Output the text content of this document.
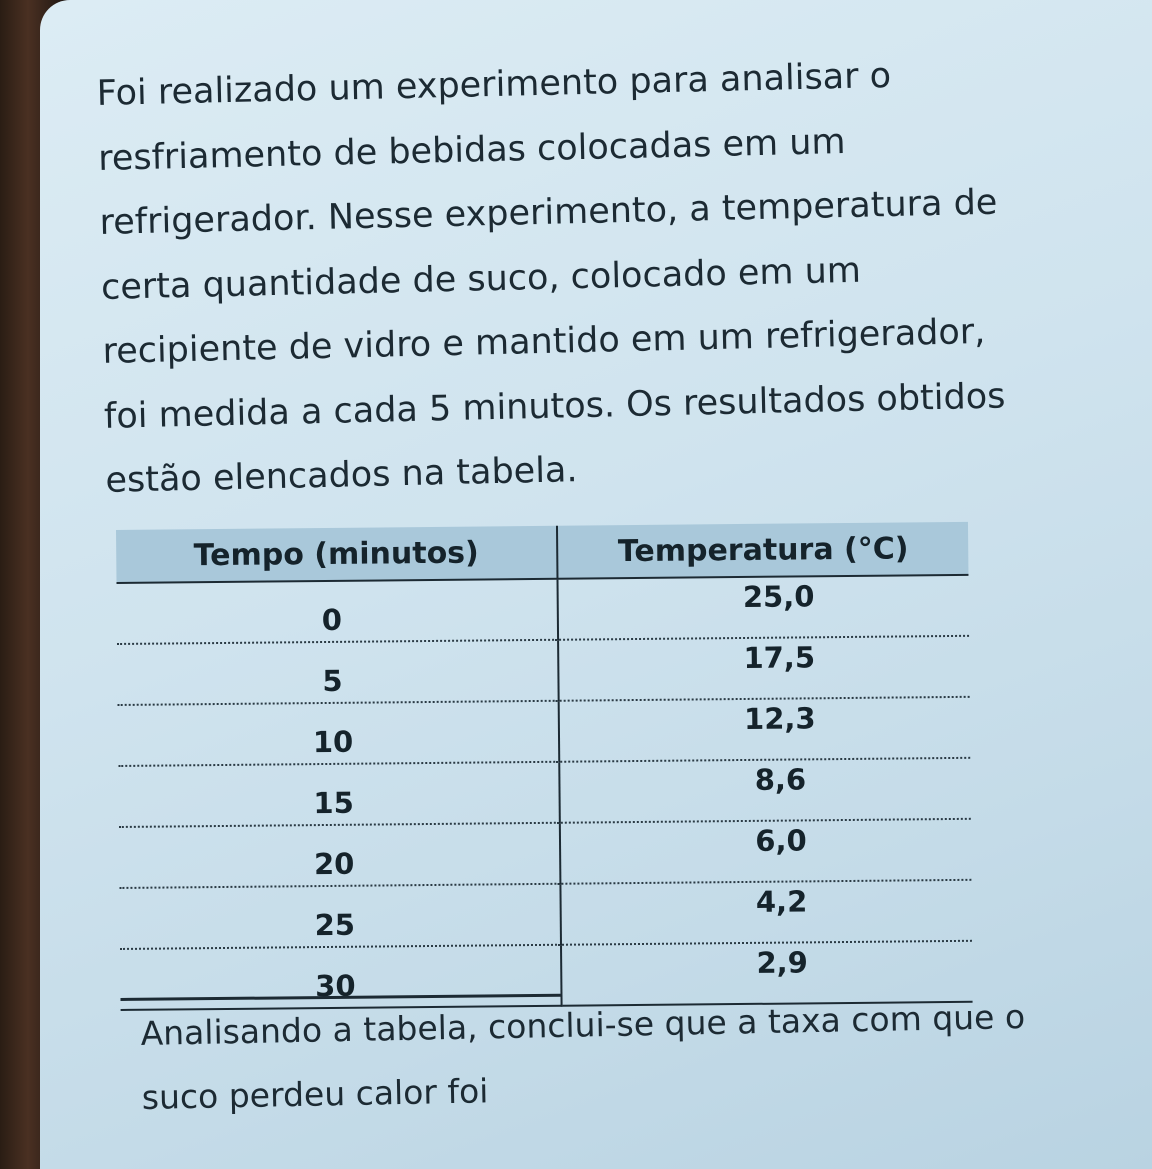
Foi realizado um experimento para analisar o
resfriamento de bebidas colocadas em um
refrigerador. Nesse experimento, a temperatura de
certa quantidade de suco, colocado em um
recipiente de vidro e mantido em um refrigerador,
foi medida a cada 5 minutos. Os resultados obtidos
estão elencados na tabela.

Tempo (minutos)	Temperatura (°C)
0	25,0
5	17,5
10	12,3
15	8,6
20	6,0
25	4,2
30	2,9

Analisando a tabela, conclui-se que a taxa com que o
suco perdeu calor foi
